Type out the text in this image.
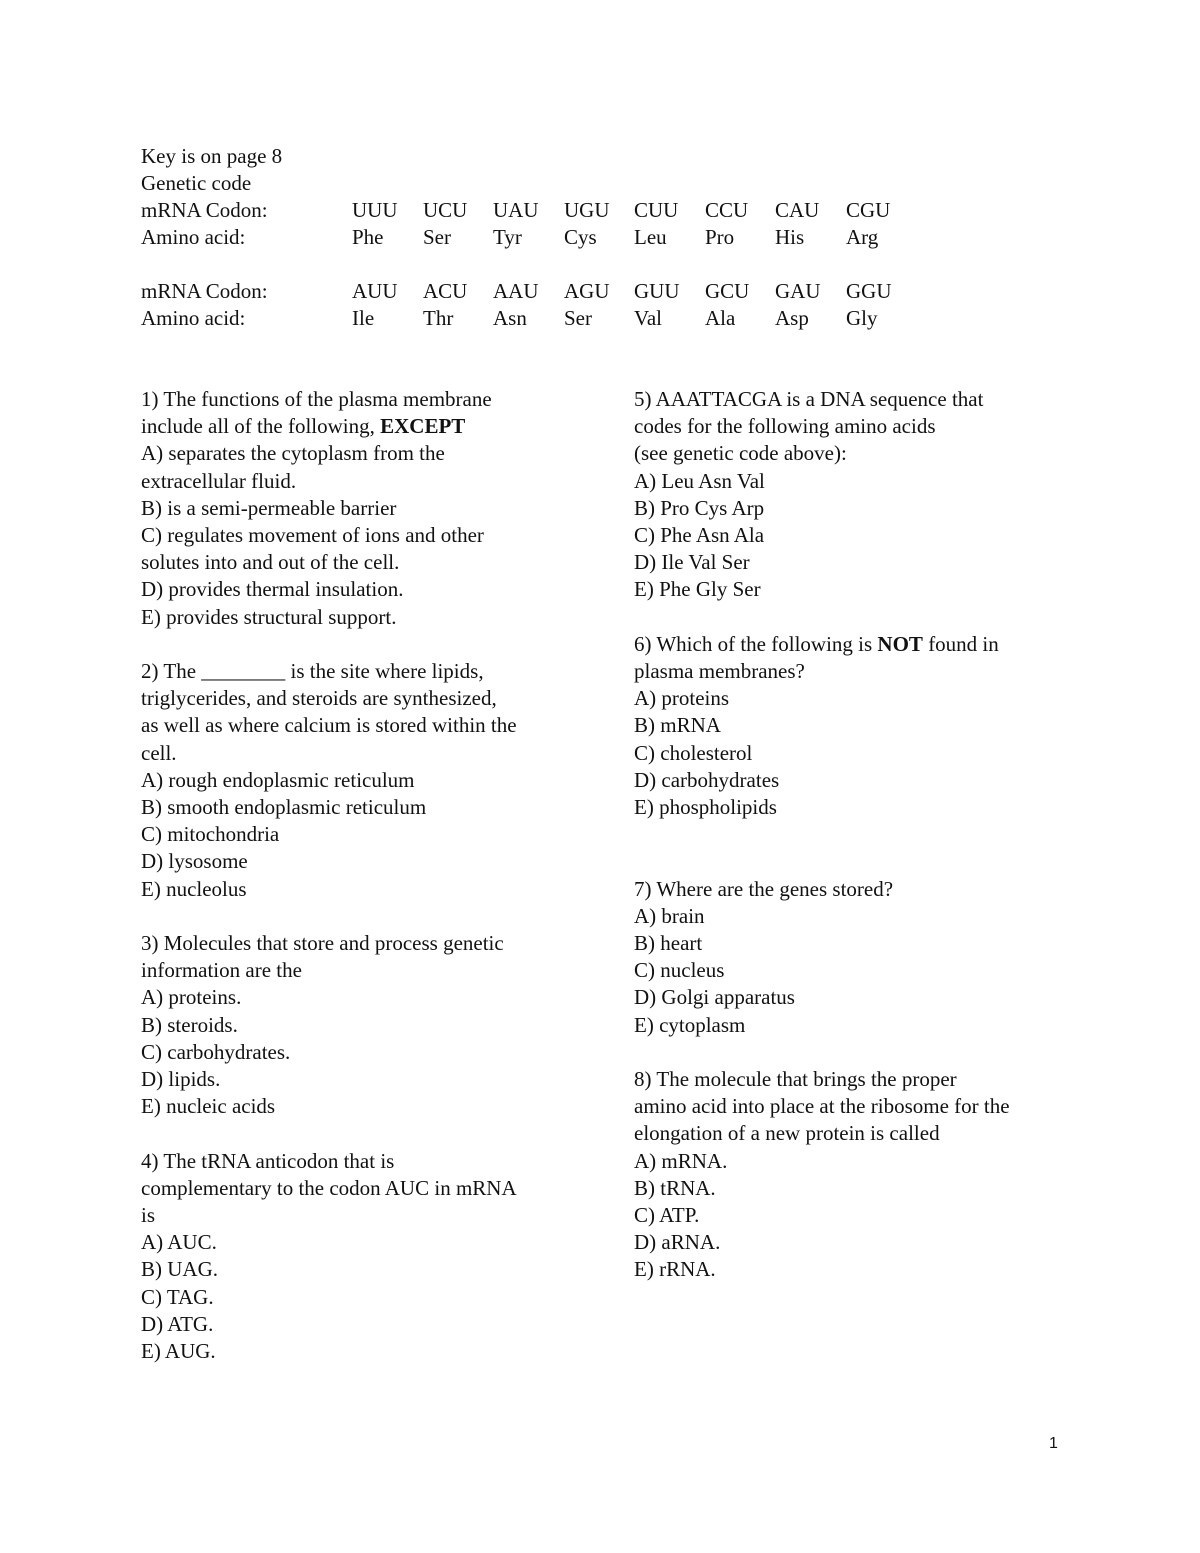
Key is on page 8
Genetic code
mRNA Codon:	UUU UCU UAU UGU CUU CCU CAU CGU
Amino acid:	Phe Ser Tyr Cys Leu Pro His Arg
mRNA Codon:	AUU ACU AAU AGU GUU GCU GAU GGU
Amino acid:	Ile Thr Asn Ser Val Ala Asp Gly
1) The functions of the plasma membrane
include all of the following, EXCEPT
A) separates the cytoplasm from the
extracellular fluid.
B) is a semi-permeable barrier
C) regulates movement of ions and other
solutes into and out of the cell.
D) provides thermal insulation.
E) provides structural support.
2) The ________ is the site where lipids,
triglycerides, and steroids are synthesized,
as well as where calcium is stored within the
cell.
A) rough endoplasmic reticulum
B) smooth endoplasmic reticulum
C) mitochondria
D) lysosome
E) nucleolus
3) Molecules that store and process genetic
information are the
A) proteins.
B) steroids.
C) carbohydrates.
D) lipids.
E) nucleic acids
4) The tRNA anticodon that is
complementary to the codon AUC in mRNA
is
A) AUC.
B) UAG.
C) TAG.
D) ATG.
E) AUG.
5) AAATTACGA is a DNA sequence that
codes for the following amino acids
(see genetic code above):
A) Leu Asn Val
B) Pro Cys Arp
C) Phe Asn Ala
D) Ile Val Ser
E) Phe Gly Ser
6) Which of the following is NOT found in
plasma membranes?
A) proteins
B) mRNA
C) cholesterol
D) carbohydrates
E) phospholipids
7) Where are the genes stored?
A) brain
B) heart
C) nucleus
D) Golgi apparatus
E) cytoplasm
8) The molecule that brings the proper
amino acid into place at the ribosome for the
elongation of a new protein is called
A) mRNA.
B) tRNA.
C) ATP.
D) aRNA.
E) rRNA.
1
